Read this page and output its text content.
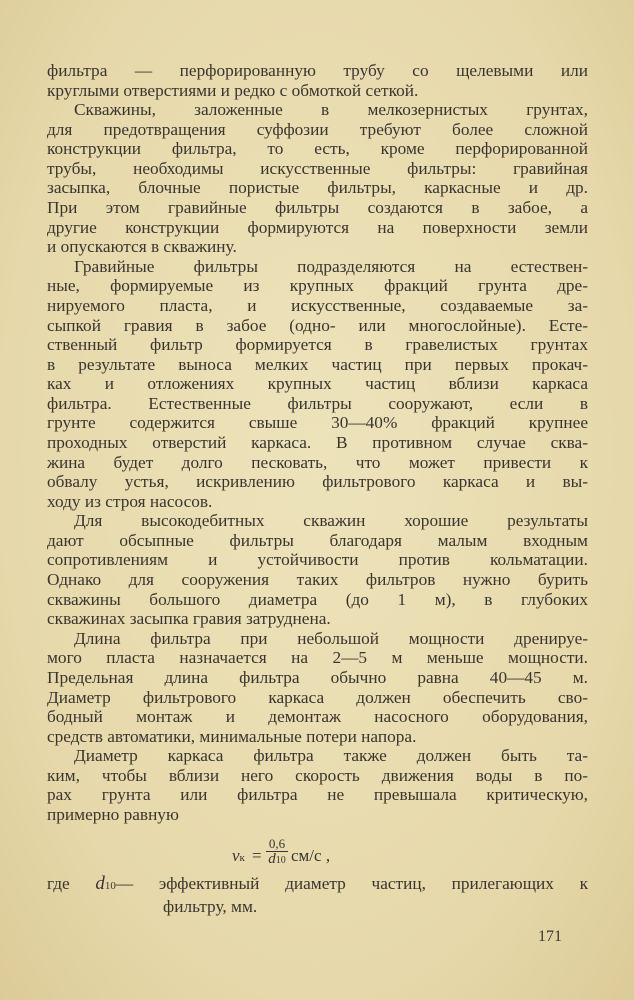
фильтра — перфорированную трубу со щелевыми или
круглыми отверстиями и редко с обмоткой сеткой.
Скважины, заложенные в мелкозернистых грунтах,
для предотвращения суффозии требуют более сложной
конструкции фильтра, то есть, кроме перфорированной
трубы, необходимы искусственные фильтры: гравийная
засыпка, блочные пористые фильтры, каркасные и др.
При этом гравийные фильтры создаются в забое, а
другие конструкции формируются на поверхности земли
и опускаются в скважину.
Гравийные фильтры подразделяются на естествен-
ные, формируемые из крупных фракций грунта дре-
нируемого пласта, и искусственные, создаваемые за-
сыпкой гравия в забое (одно- или многослойные). Есте-
ственный фильтр формируется в гравелистых грунтах
в результате выноса мелких частиц при первых прокач-
ках и отложениях крупных частиц вблизи каркаса
фильтра. Естественные фильтры сооружают, если в
грунте содержится свыше 30—40% фракций крупнее
проходных отверстий каркаса. В противном случае сква-
жина будет долго песковать, что может привести к
обвалу устья, искривлению фильтрового каркаса и вы-
ходу из строя насосов.
Для высокодебитных скважин хорошие результаты
дают обсыпные фильтры благодаря малым входным
сопротивлениям и устойчивости против кольматации.
Однако для сооружения таких фильтров нужно бурить
скважины большого диаметра (до 1 м), в глубоких
скважинах засыпка гравия затруднена.
Длина фильтра при небольшой мощности дренируе-
мого пласта назначается на 2—5 м меньше мощности.
Предельная длина фильтра обычно равна 40—45 м.
Диаметр фильтрового каркаса должен обеспечить сво-
бодный монтаж и демонтаж насосного оборудования,
средств автоматики, минимальные потери напора.
Диаметр каркаса фильтра также должен быть та-
ким, чтобы вблизи него скорость движения воды в по-
рах грунта или фильтра не превышала критическую,
примерно равную
vк = $\frac{0,6}{d10} см/с$ ,
где d10— эффективный диаметр частиц, прилегающих к
фильтру, мм.
171
